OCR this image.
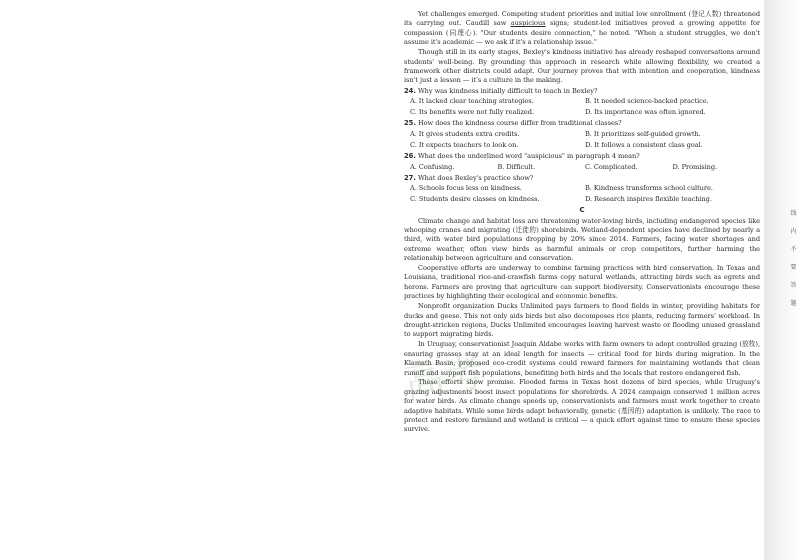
线内不要答题
高考

Yet challenges emerged. Competing student priorities and initial low enrollment (登记人数) threatened its carrying out. Caudill saw auspicious signs; student-led initiatives proved a growing appetite for compassion (同理心). "Our students desire connection," he noted. "When a student struggles, we don't assume it's academic — we ask if it's a relationship issue."

Though still in its early stages, Bexley's kindness initiative has already reshaped conversations around students' well-being. By grounding this approach in research while allowing flexibility, we created a framework other districts could adapt. Our journey proves that with intention and cooperation, kindness isn't just a lesson — it's a culture in the making.

24. Why was kindness initially difficult to teach in Bexley?
A. It lacked clear teaching strategies.	B. It needed science-backed practice.
C. Its benefits were not fully realized.	D. Its importance was often ignored.
25. How does the kindness course differ from traditional classes?
A. It gives students extra credits.	B. It prioritizes self-guided growth.
C. It expects teachers to look on.	D. It follows a consistent class goal.
26. What does the underlined word "auspicious" in paragraph 4 mean?
A. Confusing.	B. Difficult.	C. Complicated.	D. Promising.
27. What does Bexley's practice show?
A. Schools focus less on kindness.	B. Kindness transforms school culture.
C. Students desire classes on kindness.	D. Research inspires flexible teaching.
C

Climate change and habitat loss are threatening water-loving birds, including endangered species like whooping cranes and migrating (迁徙的) shorebirds. Wetland-dependent species have declined by nearly a third, with water bird populations dropping by 20% since 2014. Farmers, facing water shortages and extreme weather, often view birds as harmful animals or crop competitors, further harming the relationship between agriculture and conservation.

Cooperative efforts are underway to combine farming practices with bird conservation. In Texas and Louisiana, traditional rice-and-crawfish farms copy natural wetlands, attracting birds such as egrets and herons. Farmers are proving that agriculture can support biodiversity. Conservationists encourage these practices by highlighting their ecological and economic benefits.

Nonprofit organization Ducks Unlimited pays farmers to flood fields in winter, providing habitats for ducks and geese. This not only aids birds but also decomposes rice plants, reducing farmers' workload. In drought-stricken regions, Ducks Unlimited encourages leaving harvest waste or flooding unused grassland to support migrating birds.

In Uruguay, conservationist Joaquín Aldabe works with farm owners to adopt controlled grazing (放牧), ensuring grasses stay at an ideal length for insects — critical food for birds during migration. In the Klamath Basin, proposed eco-credit systems could reward farmers for maintaining wetlands that clean runoff and support fish populations, benefiting both birds and the locals that restore endangered fish.

These efforts show promise. Flooded farms in Texas host dozens of bird species, while Uruguay's grazing adjustments boost insect populations for shorebirds. A 2024 campaign conserved 1 million acres for water birds. As climate change speeds up, conservationists and farmers must work together to create adaptive habitats. While some birds adapt behaviorally, genetic (基因的) adaptation is unlikely. The race to protect and restore farmland and wetland is critical — a quick effort against time to ensure these species survive.
